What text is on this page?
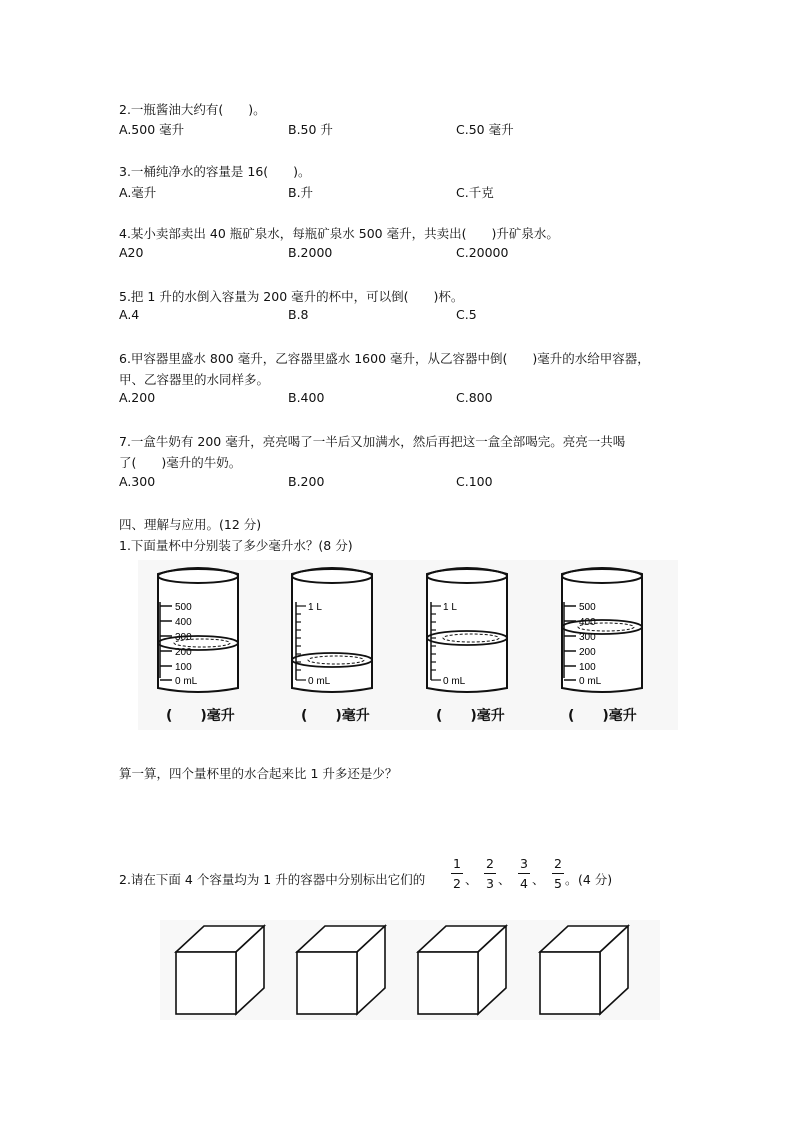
2.一瓶酱油大约有(　　)。
A.500 毫升	B.50 升	C.50 毫升
3.一桶纯净水的容量是 16(　　)。
A.毫升	B.升	C.千克
4.某小卖部卖出 40 瓶矿泉水，每瓶矿泉水 500 毫升，共卖出(　　)升矿泉水。
A20	B.2000	C.20000
5.把 1 升的水倒入容量为 200 毫升的杯中，可以倒(　　)杯。
A.4	B.8	C.5
6.甲容器里盛水 800 毫升，乙容器里盛水 1600 毫升，从乙容器中倒(　　)毫升的水给甲容器，
甲、乙容器里的水同样多。
A.200	B.400	C.800
7.一盒牛奶有 200 毫升，亮亮喝了一半后又加满水，然后再把这一盒全部喝完。亮亮一共喝
了(　　)毫升的牛奶。
A.300	B.200	C.100
四、理解与应用。(12 分)
1.下面量杯中分别装了多少毫升水？(8 分)
500
400
300
200
100
0 mL
1 L
0 mL
1 L
0 mL
500
400
300
200
100
0 mL
(　　)毫升	(　　)毫升	(　　)毫升	(　　)毫升
算一算，四个量杯里的水合起来比 1 升多还是少？
2.请在下面 4 个容量均为 1 升的容器中分别标出它们的
1
2 、
2
3 、
3
4 、
2
5 。 (4 分)
